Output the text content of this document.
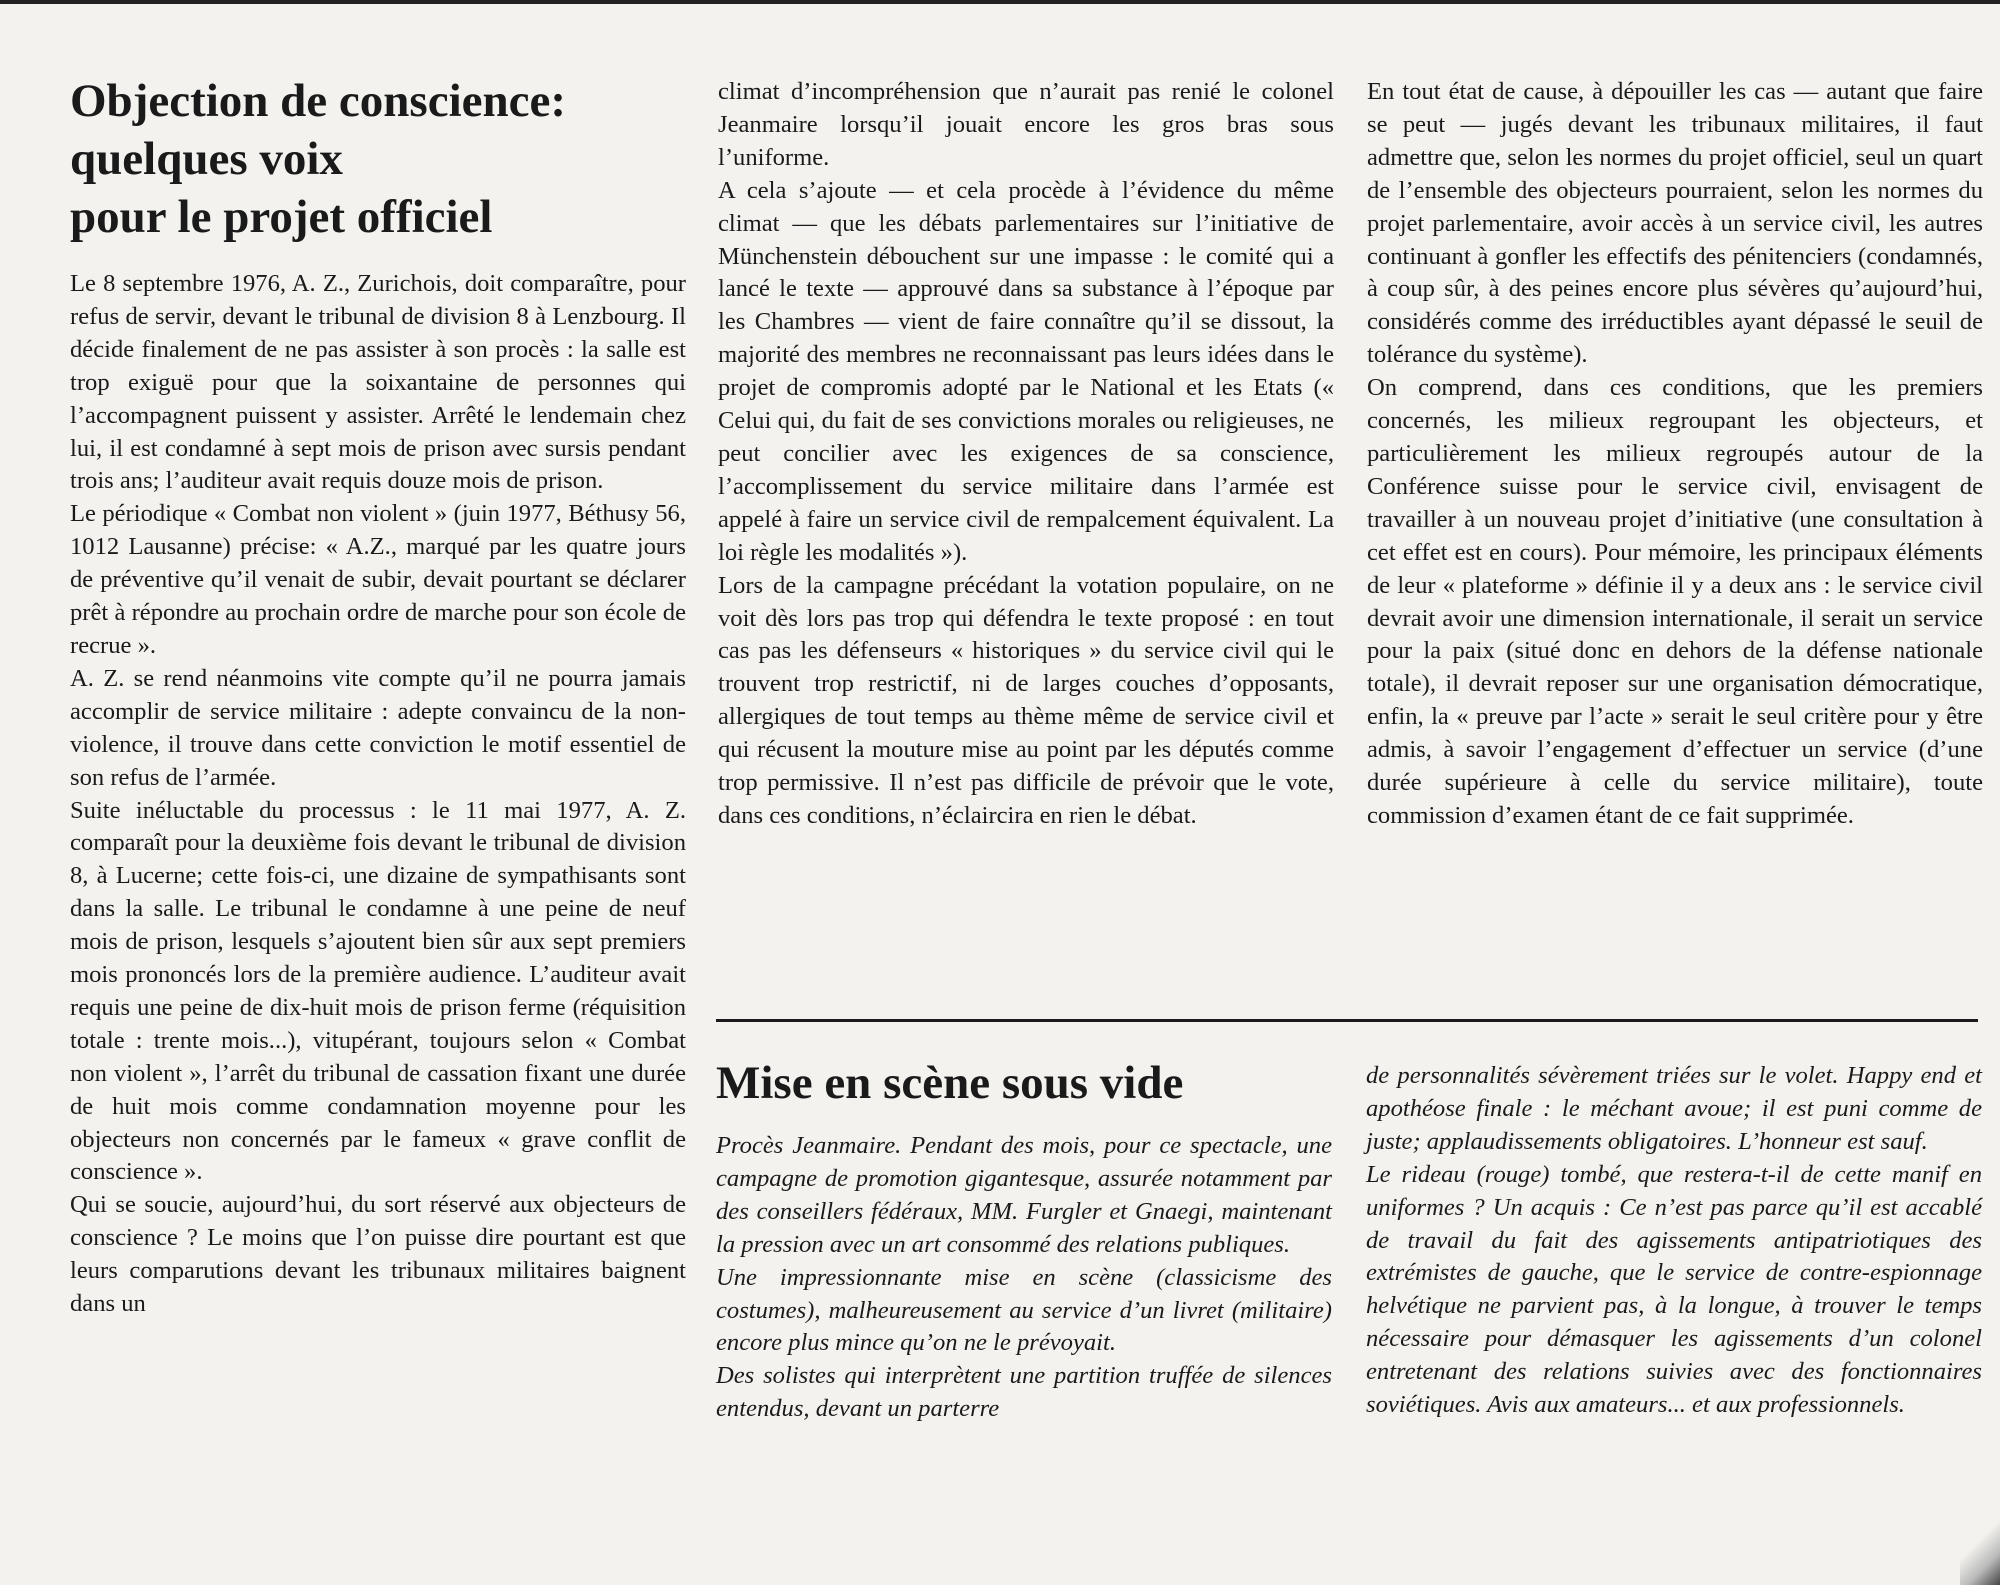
Objection de conscience:
quelques voix
pour le projet officiel

Le 8 septembre 1976, A. Z., Zurichois, doit comparaître, pour refus de servir, devant le tribunal de division 8 à Lenzbourg. Il décide finalement de ne pas assister à son procès : la salle est trop exiguë pour que la soixantaine de personnes qui l’accompagnent puissent y assister. Arrêté le lendemain chez lui, il est condamné à sept mois de prison avec sursis pendant trois ans; l’auditeur avait requis douze mois de prison.

Le périodique « Combat non violent » (juin 1977, Béthusy 56, 1012 Lausanne) précise: « A.Z., marqué par les quatre jours de préventive qu’il venait de subir, devait pourtant se déclarer prêt à répondre au prochain ordre de marche pour son école de recrue ».

A. Z. se rend néanmoins vite compte qu’il ne pourra jamais accomplir de service militaire : adepte convaincu de la non-violence, il trouve dans cette conviction le motif essentiel de son refus de l’armée.

Suite inéluctable du processus : le 11 mai 1977, A. Z. comparaît pour la deuxième fois devant le tribunal de division 8, à Lucerne; cette fois-ci, une dizaine de sympathisants sont dans la salle. Le tribunal le condamne à une peine de neuf mois de prison, lesquels s’ajoutent bien sûr aux sept premiers mois prononcés lors de la première audience. L’auditeur avait requis une peine de dix-huit mois de prison ferme (réquisition totale : trente mois...), vitupérant, toujours selon « Combat non violent », l’arrêt du tribunal de cassation fixant une durée de huit mois comme condamnation moyenne pour les objecteurs non concernés par le fameux « grave conflit de conscience ».

Qui se soucie, aujourd’hui, du sort réservé aux objecteurs de conscience ? Le moins que l’on puisse dire pourtant est que leurs comparutions devant les tribunaux militaires baignent dans un

climat d’incompréhension que n’aurait pas renié le colonel Jeanmaire lorsqu’il jouait encore les gros bras sous l’uniforme.

A cela s’ajoute — et cela procède à l’évidence du même climat — que les débats parlementaires sur l’initiative de Münchenstein débouchent sur une impasse : le comité qui a lancé le texte — approuvé dans sa substance à l’époque par les Chambres — vient de faire connaître qu’il se dissout, la majorité des membres ne reconnaissant pas leurs idées dans le projet de compromis adopté par le National et les Etats (« Celui qui, du fait de ses convictions morales ou religieuses, ne peut concilier avec les exigences de sa conscience, l’accomplissement du service militaire dans l’armée est appelé à faire un service civil de rempalcement équivalent. La loi règle les modalités »).

Lors de la campagne précédant la votation populaire, on ne voit dès lors pas trop qui défendra le texte proposé : en tout cas pas les défenseurs « historiques » du service civil qui le trouvent trop restrictif, ni de larges couches d’opposants, allergiques de tout temps au thème même de service civil et qui récusent la mouture mise au point par les députés comme trop permissive. Il n’est pas difficile de prévoir que le vote, dans ces conditions, n’éclaircira en rien le débat.

En tout état de cause, à dépouiller les cas — autant que faire se peut — jugés devant les tribunaux militaires, il faut admettre que, selon les normes du projet officiel, seul un quart de l’ensemble des objecteurs pourraient, selon les normes du projet parlementaire, avoir accès à un service civil, les autres continuant à gonfler les effectifs des pénitenciers (condamnés, à coup sûr, à des peines encore plus sévères qu’aujourd’hui, considérés comme des irréductibles ayant dépassé le seuil de tolérance du système).

On comprend, dans ces conditions, que les premiers concernés, les milieux regroupant les objecteurs, et particulièrement les milieux regroupés autour de la Conférence suisse pour le service civil, envisagent de travailler à un nouveau projet d’initiative (une consultation à cet effet est en cours). Pour mémoire, les principaux éléments de leur « plateforme » définie il y a deux ans : le service civil devrait avoir une dimension internationale, il serait un service pour la paix (situé donc en dehors de la défense nationale totale), il devrait reposer sur une organisation démocratique, enfin, la « preuve par l’acte » serait le seul critère pour y être admis, à savoir l’engagement d’effectuer un service (d’une durée supérieure à celle du service militaire), toute commission d’examen étant de ce fait supprimée.

Mise en scène sous vide

Procès Jeanmaire. Pendant des mois, pour ce spectacle, une campagne de promotion gigantesque, assurée notamment par des conseillers fédéraux, MM. Furgler et Gnaegi, maintenant la pression avec un art consommé des relations publiques.

Une impressionnante mise en scène (classicisme des costumes), malheureusement au service d’un livret (militaire) encore plus mince qu’on ne le prévoyait.

Des solistes qui interprètent une partition truffée de silences entendus, devant un parterre

de personnalités sévèrement triées sur le volet. Happy end et apothéose finale : le méchant avoue; il est puni comme de juste; applaudissements obligatoires. L’honneur est sauf.

Le rideau (rouge) tombé, que restera-t-il de cette manif en uniformes ? Un acquis : Ce n’est pas parce qu’il est accablé de travail du fait des agissements antipatriotiques des extrémistes de gauche, que le service de contre-espionnage helvétique ne parvient pas, à la longue, à trouver le temps nécessaire pour démasquer les agissements d’un colonel entretenant des relations suivies avec des fonctionnaires soviétiques. Avis aux amateurs... et aux professionnels.
